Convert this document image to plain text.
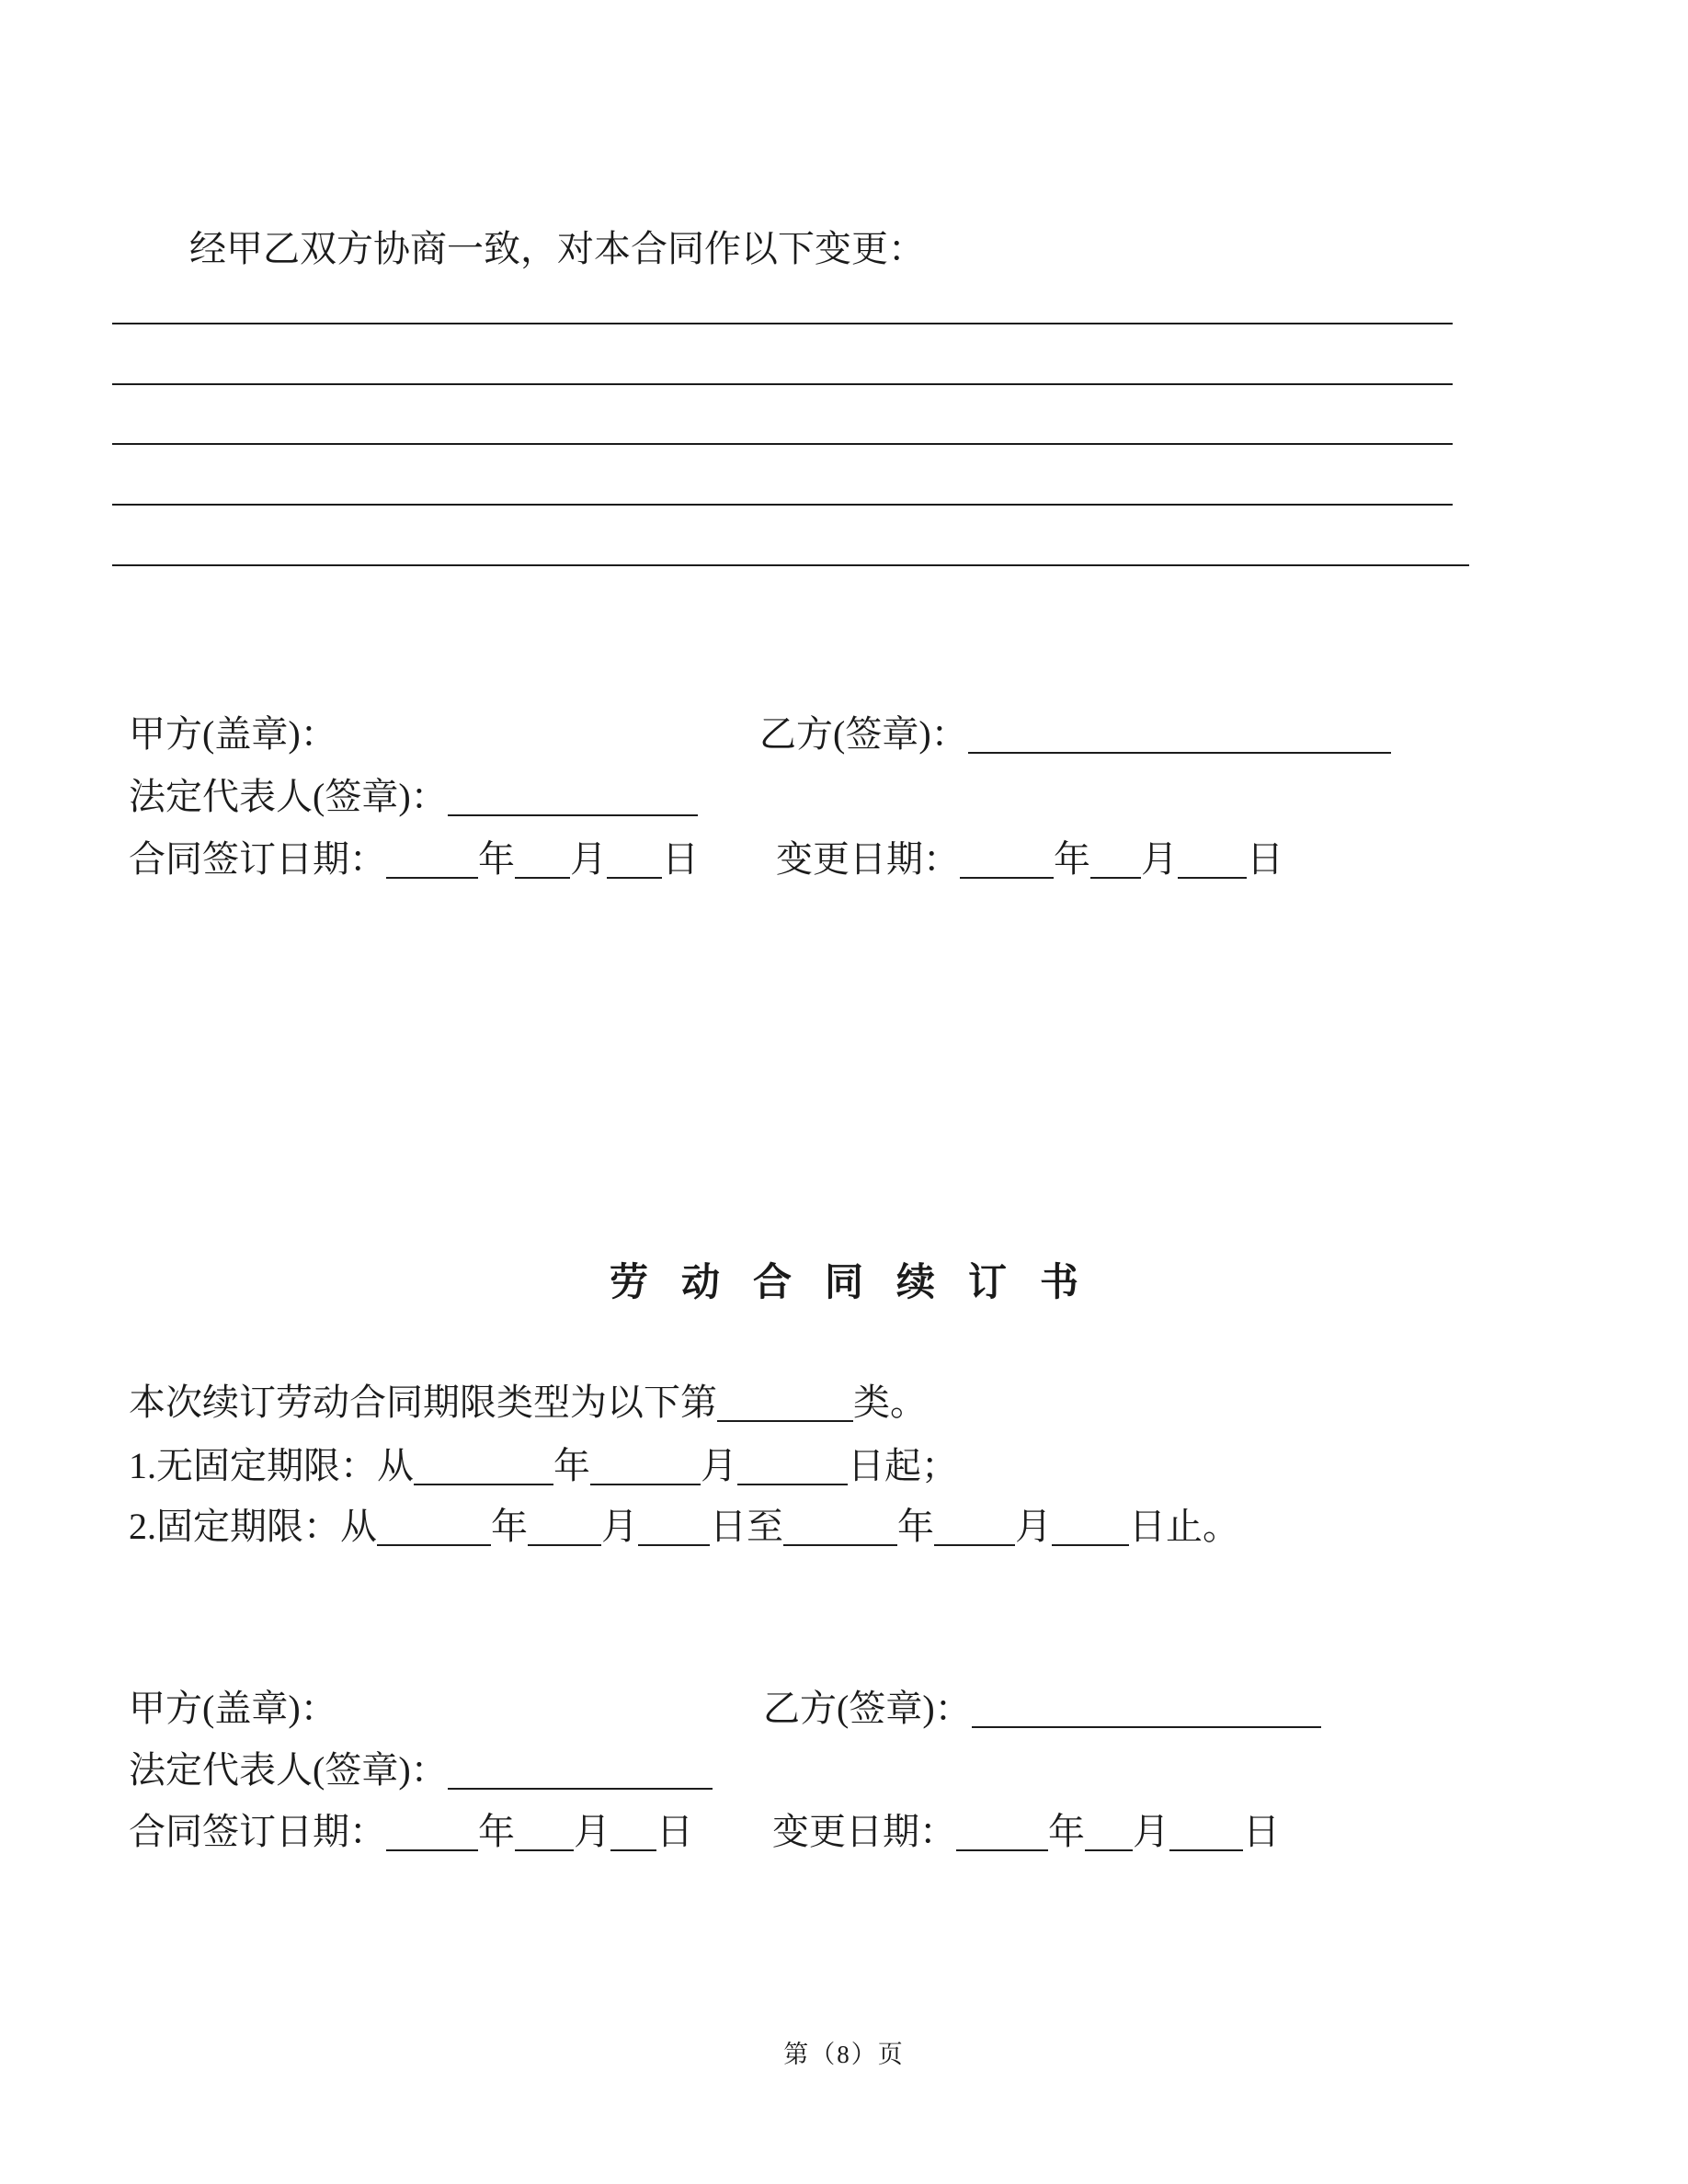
经甲乙双方协商一致，对本合同作以下变更：
甲方(盖章)：	乙方(签章)：
法定代表人(签章)：
合同签订日期：	年 月 日 变更日期：	年 月 日
劳动合同续订书
本次续订劳动合同期限类型为以下第	类。
1.无固定期限：从	年	月	日起；
2.固定期限：从	年 月 日至	年 月 日止。
甲方(盖章)：	乙方(签章)：
法定代表人(签章)：
合同签订日期：	年 月 日 变更日期：	年 月 日
第（8）页
